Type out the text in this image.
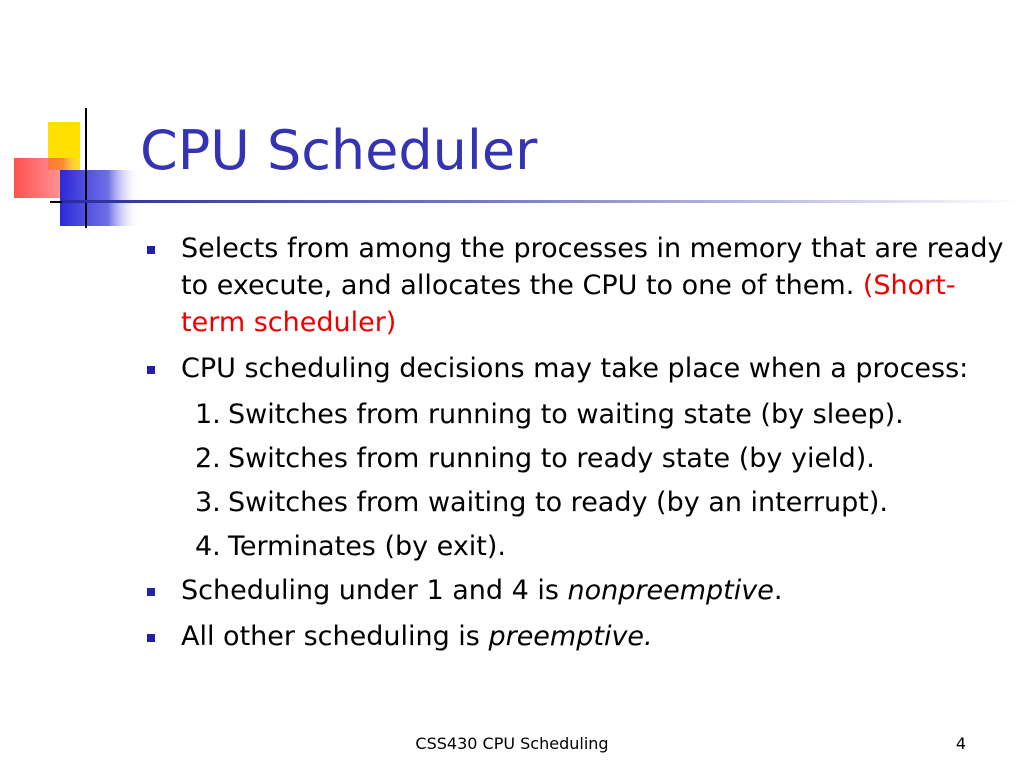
CPU Scheduler
Selects from among the processes in memory that are ready to execute, and allocates the CPU to one of them. (Short-term scheduler)
CPU scheduling decisions may take place when a process:
1. Switches from running to waiting state (by sleep).
2. Switches from running to ready state (by yield).
3. Switches from waiting to ready (by an interrupt).
4. Terminates (by exit).
Scheduling under 1 and 4 is nonpreemptive.
All other scheduling is preemptive.
CSS430 CPU Scheduling	4
